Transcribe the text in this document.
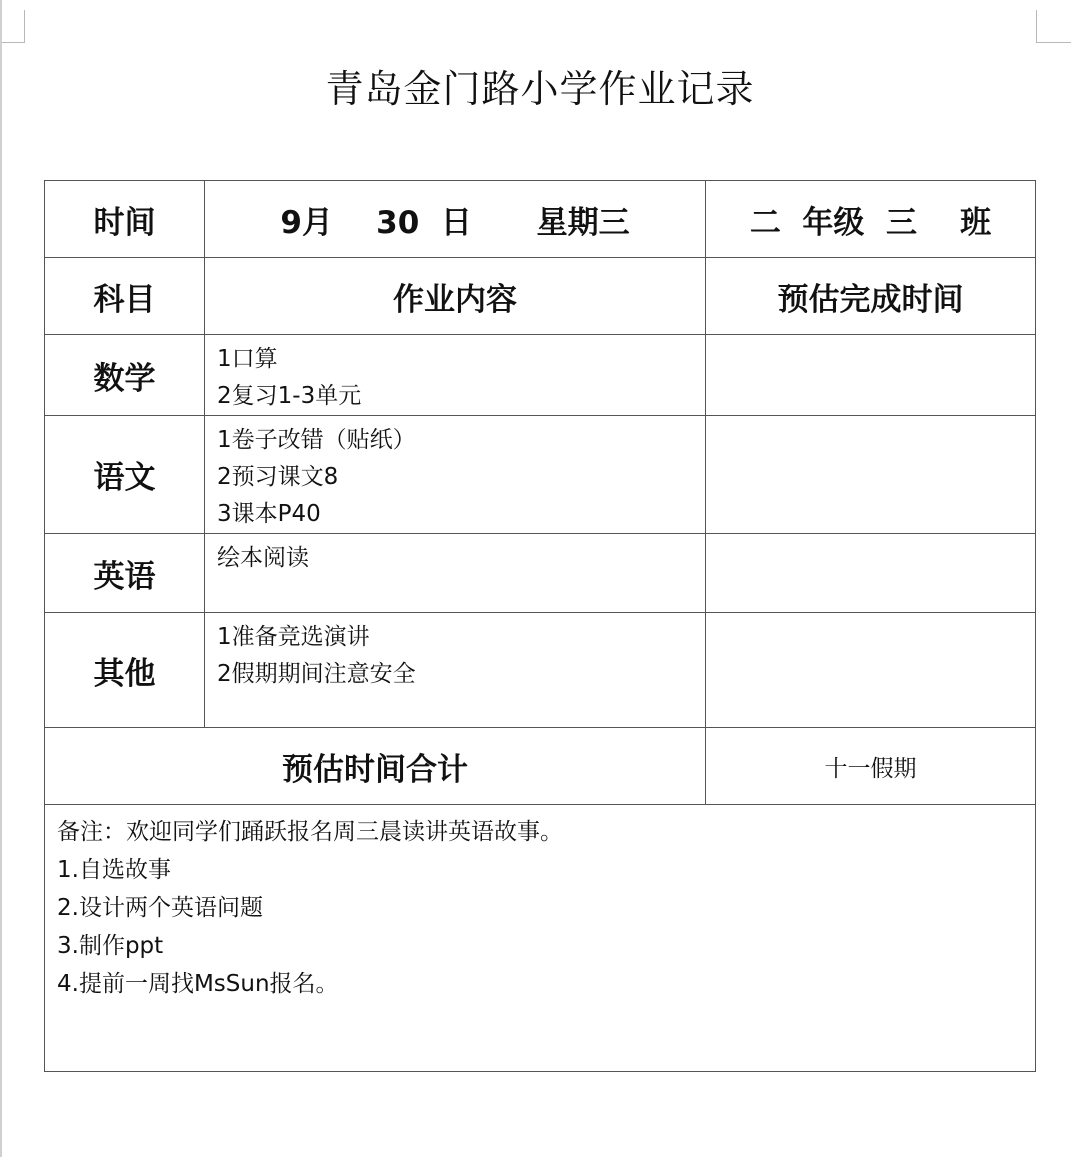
青岛金门路小学作业记录
时间	9月    30  日      星期三	二  年级  三    班
科目	作业内容	预估完成时间
数学	1口算
2复习1-3单元	

语文	1卷子改错（贴纸）
2预习课文8
3课本P40	

英语	绘本阅读	

其他	1准备竞选演讲
2假期期间注意安全	

预估时间合计		十一假期

备注：欢迎同学们踊跃报名周三晨读讲英语故事。
1.自选故事
2.设计两个英语问题
3.制作ppt
4.提前一周找MsSun报名。		
